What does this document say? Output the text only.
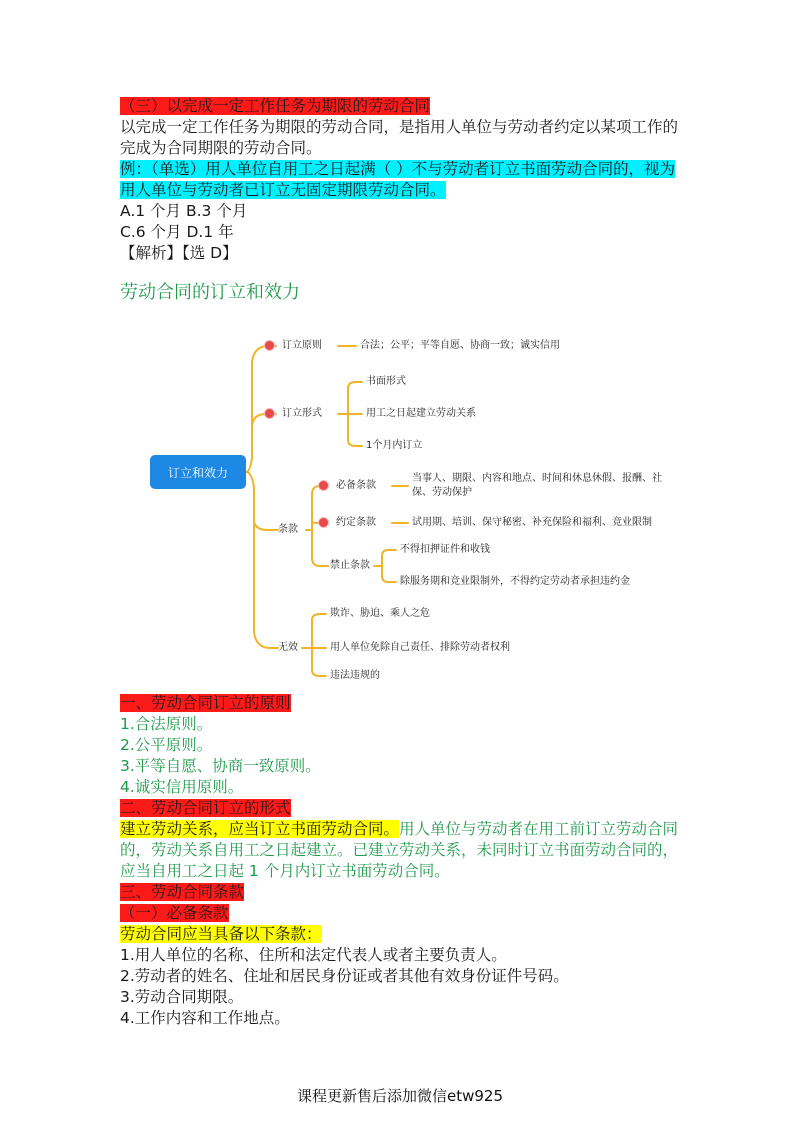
（三）以完成一定工作任务为期限的劳动合同
以完成一定工作任务为期限的劳动合同，是指用人单位与劳动者约定以某项工作的完成为合同期限的劳动合同。
例：（单选）用人单位自用工之日起满（ ）不与劳动者订立书面劳动合同的，视为用人单位与劳动者已订立无固定期限劳动合同。
A.1 个月 B.3 个月
C.6 个月 D.1 年
【解析】【选 D】
劳动合同的订立和效力
订立和效力
订立原则	合法；公平；平等自愿、协商一致；诚实信用
订立形式
书面形式
用工之日起建立劳动关系
1个月内订立
条款
必备条款
当事人、期限、内容和地点、时间和休息休假、报酬、社
保、劳动保护
约定条款	试用期、培训、保守秘密、补充保险和福利、竞业限制
禁止条款
不得扣押证件和收钱
除服务期和竞业限制外，不得约定劳动者承担违约金
无效
欺诈、胁迫、乘人之危
用人单位免除自己责任、排除劳动者权利
违法违规的
一、劳动合同订立的原则
1.合法原则。
2.公平原则。
3.平等自愿、协商一致原则。
4.诚实信用原则。
二、劳动合同订立的形式
建立劳动关系，应当订立书面劳动合同。用人单位与劳动者在用工前订立劳动合同的，劳动关系自用工之日起建立。已建立劳动关系，未同时订立书面劳动合同的，应当自用工之日起 1 个月内订立书面劳动合同。
三、劳动合同条款
（一）必备条款
劳动合同应当具备以下条款：
1.用人单位的名称、住所和法定代表人或者主要负责人。
2.劳动者的姓名、住址和居民身份证或者其他有效身份证件号码。
3.劳动合同期限。
4.工作内容和工作地点。
课程更新售后添加微信etw925
